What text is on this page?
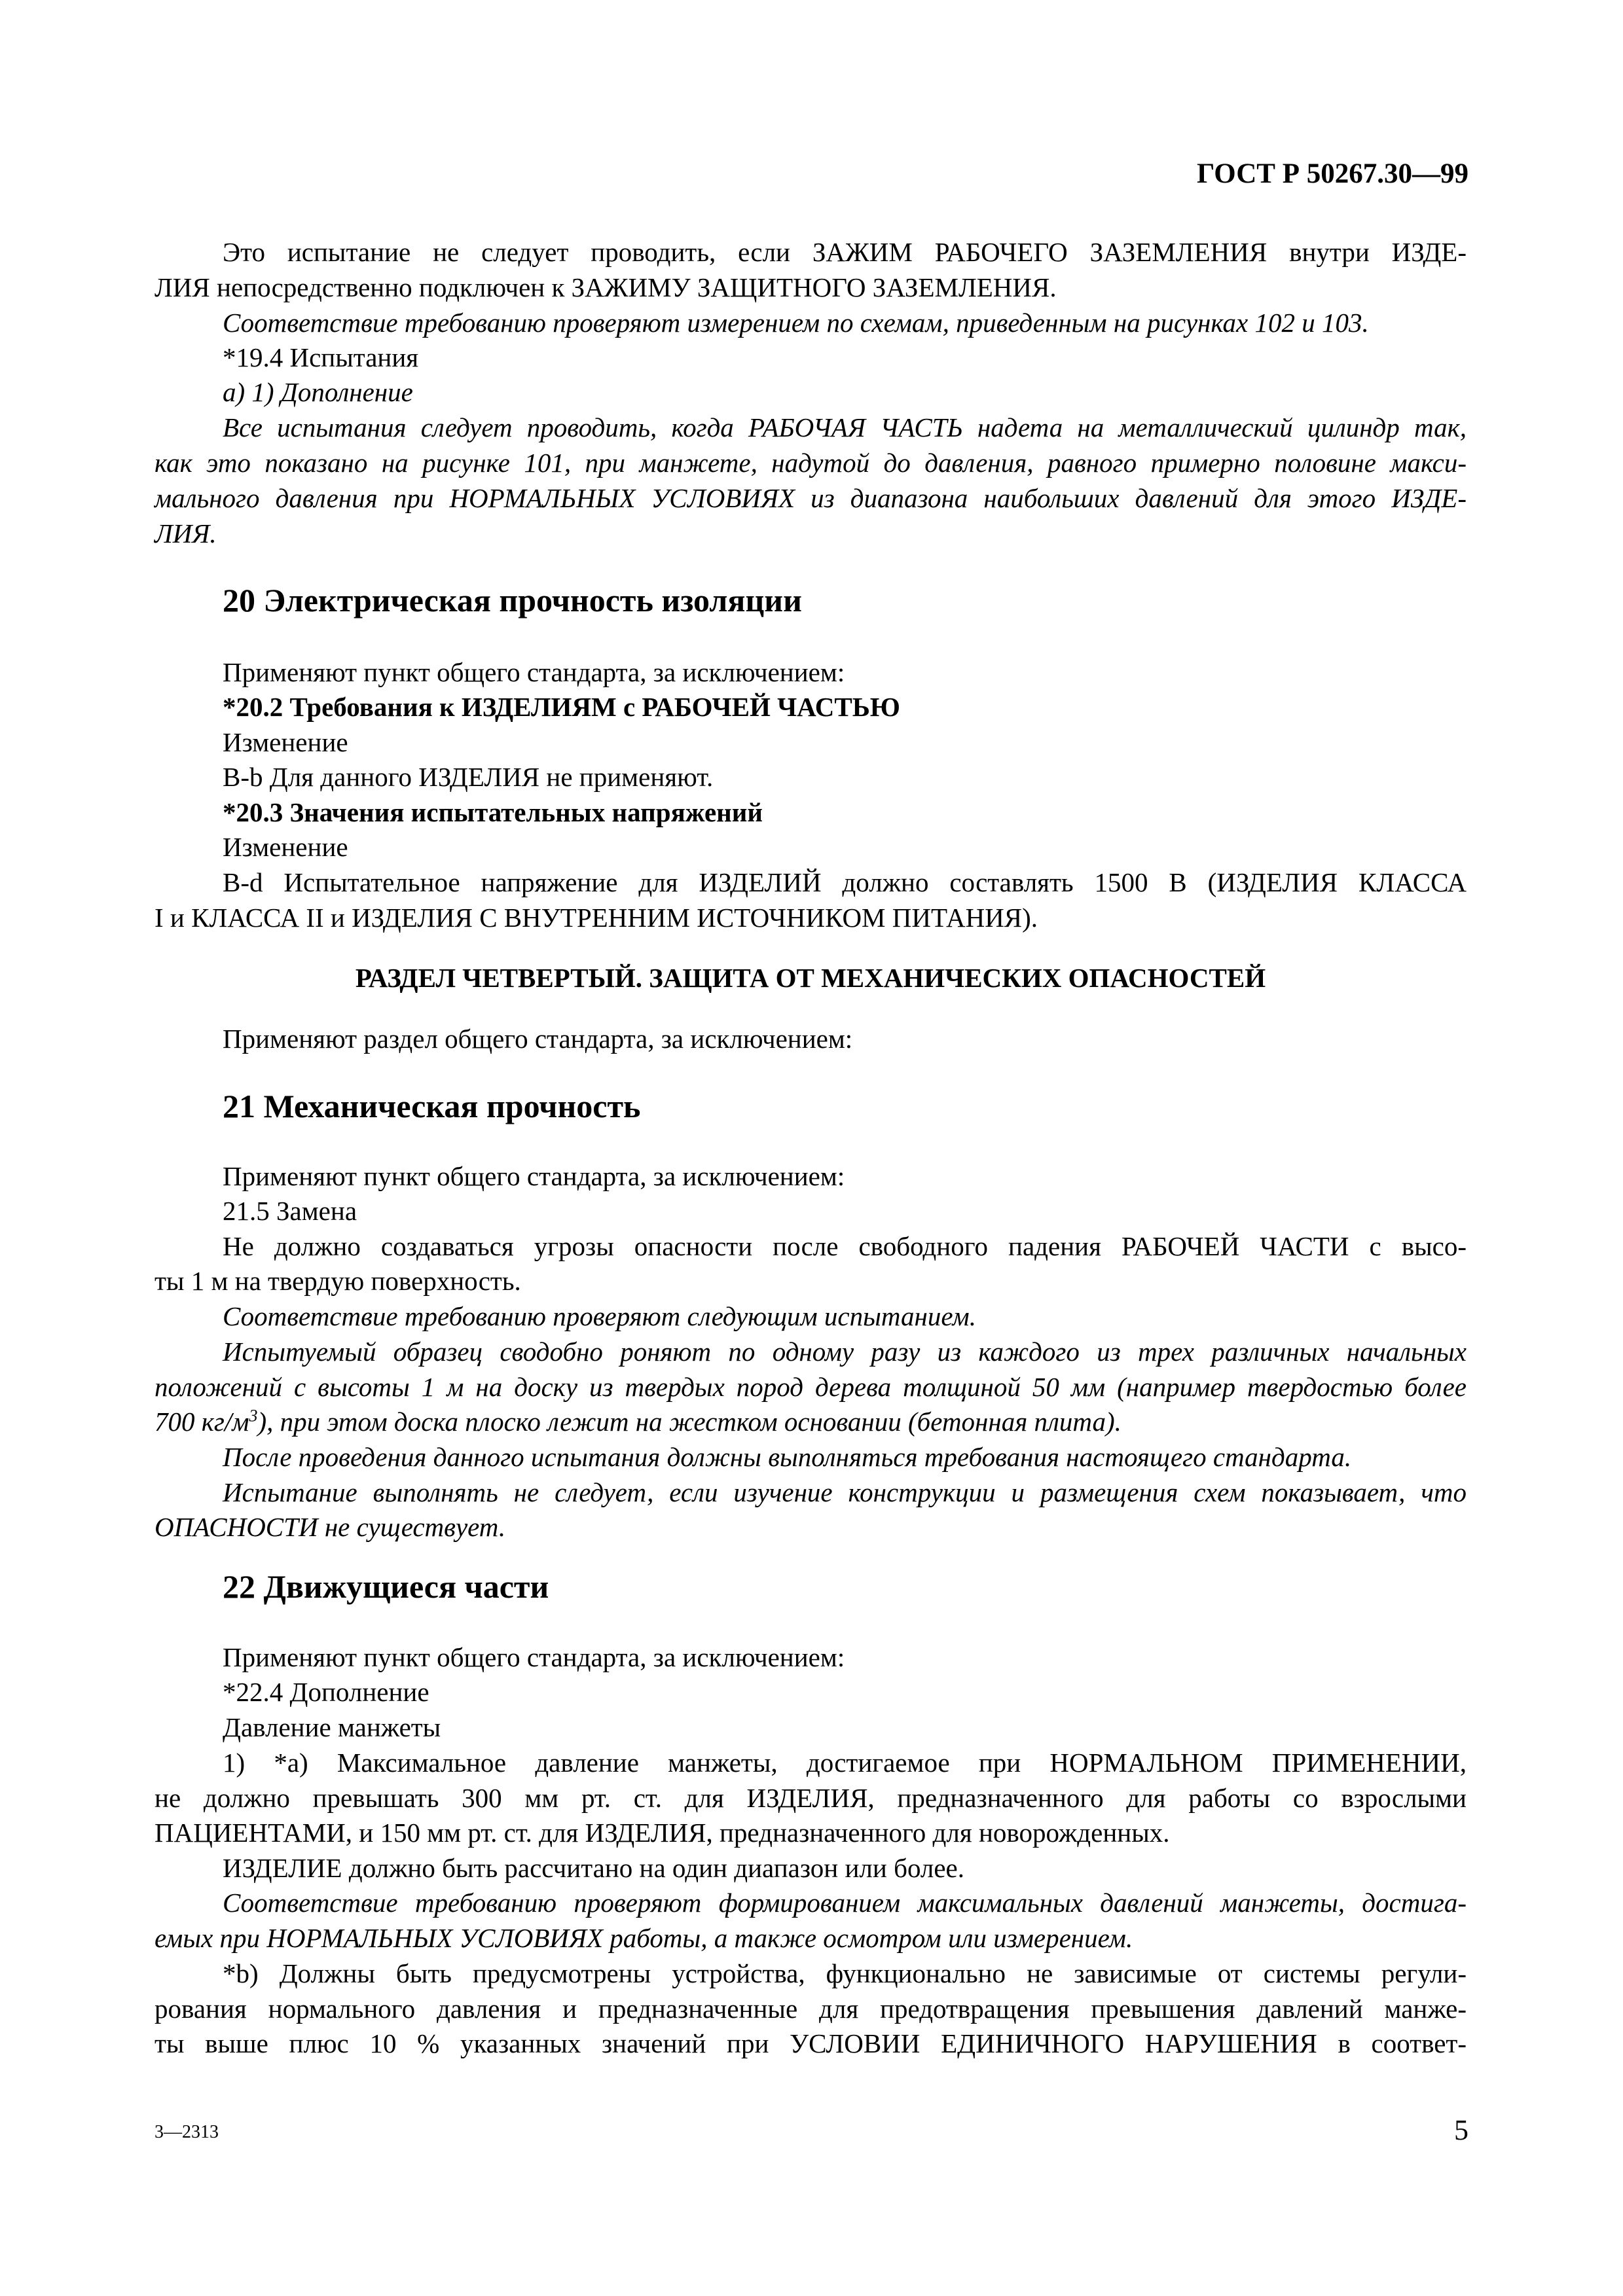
ГОСТ Р 50267.30—99
Это испытание не следует проводить, если ЗАЖИМ РАБОЧЕГО ЗАЗЕМЛЕНИЯ внутри ИЗДЕ-
ЛИЯ непосредственно подключен к ЗАЖИМУ ЗАЩИТНОГО ЗАЗЕМЛЕНИЯ.
Соответствие требованию проверяют измерением по схемам, приведенным на рисунках 102 и 103.
*19.4 Испытания
а) 1) Дополнение
Все испытания следует проводить, когда РАБОЧАЯ ЧАСТЬ надета на металлический цилиндр так,
как это показано на рисунке 101, при манжете, надутой до давления, равного примерно половине макси-
мального давления при НОРМАЛЬНЫХ УСЛОВИЯХ из диапазона наибольших давлений для этого ИЗДЕ-
ЛИЯ.
20 Электрическая прочность изоляции
Применяют пункт общего стандарта, за исключением:
*20.2 Требования к ИЗДЕЛИЯМ с РАБОЧЕЙ ЧАСТЬЮ
Изменение
В-b Для данного ИЗДЕЛИЯ не применяют.
*20.3 Значения испытательных напряжений
Изменение
В-d Испытательное напряжение для ИЗДЕЛИЙ должно составлять 1500 В (ИЗДЕЛИЯ КЛАССА
I и КЛАССА II и ИЗДЕЛИЯ С ВНУТРЕННИМ ИСТОЧНИКОМ ПИТАНИЯ).
РАЗДЕЛ ЧЕТВЕРТЫЙ. ЗАЩИТА ОТ МЕХАНИЧЕСКИХ ОПАСНОСТЕЙ
Применяют раздел общего стандарта, за исключением:
21 Механическая прочность
Применяют пункт общего стандарта, за исключением:
21.5 Замена
Не должно создаваться угрозы опасности после свободного падения РАБОЧЕЙ ЧАСТИ с высо-
ты 1 м на твердую поверхность.
Соответствие требованию проверяют следующим испытанием.
Испытуемый образец сводобно роняют по одному разу из каждого из трех различных начальных
положений с высоты 1 м на доску из твердых пород дерева толщиной 50 мм (например твердостью более
700 $кг/м^3$), при этом доска плоско лежит на жестком основании (бетонная плита).
После проведения данного испытания должны выполняться требования настоящего стандарта.
Испытание выполнять не следует, если изучение конструкции и размещения схем показывает, что
ОПАСНОСТИ не существует.
22 Движущиеся части
Применяют пункт общего стандарта, за исключением:
*22.4 Дополнение
Давление манжеты
1) *a) Максимальное давление манжеты, достигаемое при НОРМАЛЬНОМ ПРИМЕНЕНИИ,
не должно превышать 300 мм рт. ст. для ИЗДЕЛИЯ, предназначенного для работы со взрослыми
ПАЦИЕНТАМИ, и 150 мм рт. ст. для ИЗДЕЛИЯ, предназначенного для новорожденных.
ИЗДЕЛИЕ должно быть рассчитано на один диапазон или более.
Соответствие требованию проверяют формированием максимальных давлений манжеты, достига-
емых при НОРМАЛЬНЫХ УСЛОВИЯХ работы, а также осмотром или измерением.
*b) Должны быть предусмотрены устройства, функционально не зависимые от системы регули-
рования нормального давления и предназначенные для предотвращения превышения давлений манже-
ты выше плюс 10 % указанных значений при УСЛОВИИ ЕДИНИЧНОГО НАРУШЕНИЯ в соответ-
3—2313	5
